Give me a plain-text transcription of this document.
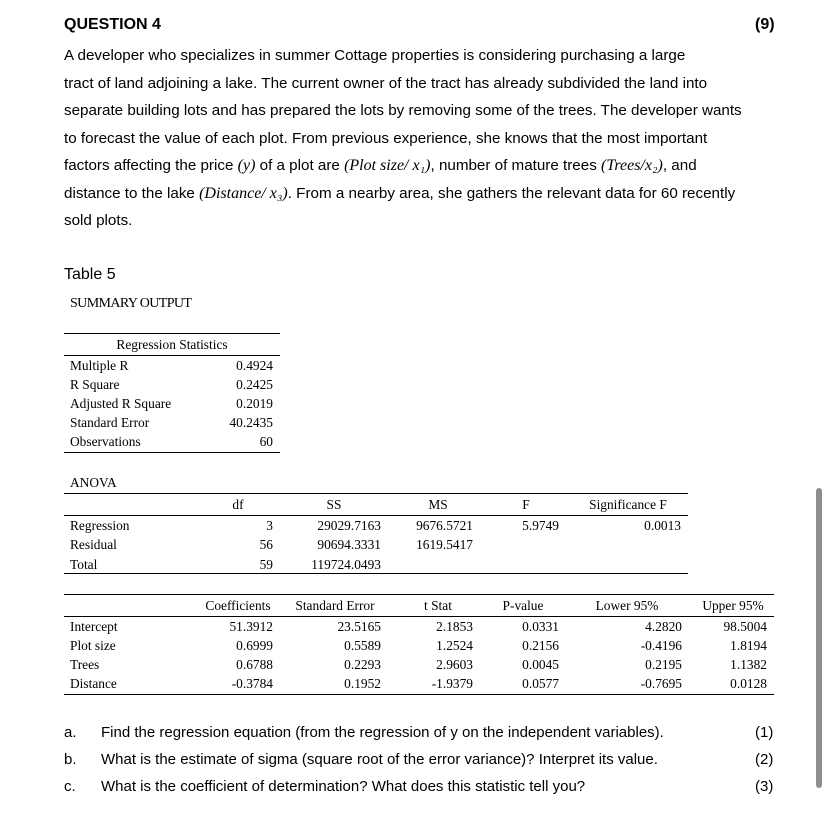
QUESTION 4	(9)
A developer who specializes in summer Cottage properties is considering purchasing a large
tract of land adjoining a lake. The current owner of the tract has already subdivided the land into
separate building lots and has prepared the lots by removing some of the trees. The developer wants
to forecast the value of each plot. From previous experience, she knows that the most important
factors affecting the price (y) of a plot are (Plot size/ x₁), number of mature trees (Trees/x₂), and
distance to the lake (Distance/ x₃). From a nearby area, she gathers the relevant data for 60 recently
sold plots.
Table 5
SUMMARY OUTPUT
Regression Statistics
Multiple R	0.4924
R Square	0.2425
Adjusted R Square	0.2019
Standard Error	40.2435
Observations	60
ANOVA
df	SS	MS	F	Significance F
Regression	3	29029.7163	9676.5721	5.9749	0.0013
Residual	56	90694.3331	1619.5417
Total	59	119724.0493
Coefficients	Standard Error	t Stat	P-value	Lower 95%	Upper 95%
Intercept	51.3912	23.5165	2.1853	0.0331	4.2820	98.5004
Plot size	0.6999	0.5589	1.2524	0.2156	-0.4196	1.8194
Trees	0.6788	0.2293	2.9603	0.0045	0.2195	1.1382
Distance	-0.3784	0.1952	-1.9379	0.0577	-0.7695	0.0128
a. Find the regression equation (from the regression of y on the independent variables).	(1)
b. What is the estimate of sigma (square root of the error variance)? Interpret its value.	(2)
c. What is the coefficient of determination? What does this statistic tell you?	(3)
